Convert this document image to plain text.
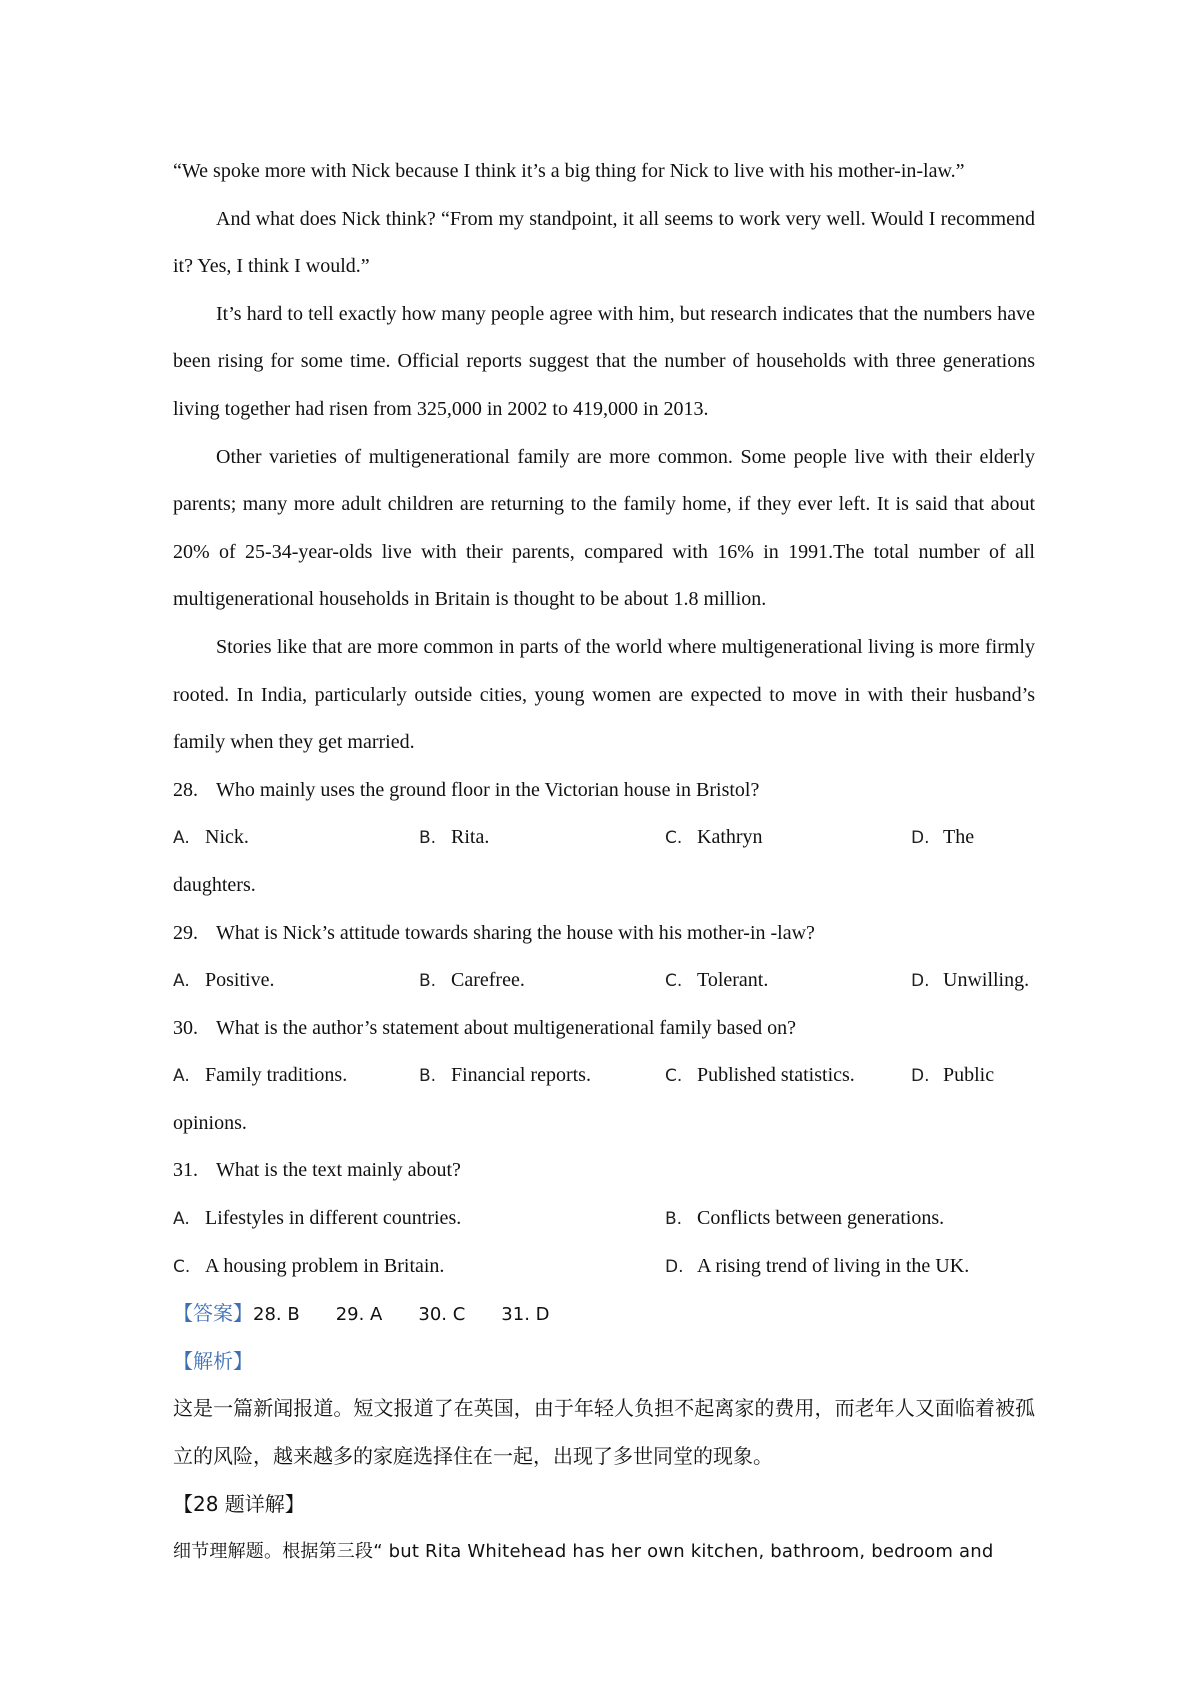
“We spoke more with Nick because I think it’s a big thing for Nick to live with his mother-in-law.”
And what does Nick think? “From my standpoint, it all seems to work very well. Would I recommend it? Yes, I think I would.”
It’s hard to tell exactly how many people agree with him, but research indicates that the numbers have been rising for some time. Official reports suggest that the number of households with three generations living together had risen from 325,000 in 2002 to 419,000 in 2013.
Other varieties of multigenerational family are more common. Some people live with their elderly parents; many more adult children are returning to the family home, if they ever left. It is said that about 20% of 25-34-year-olds live with their parents, compared with 16% in 1991.The total number of all multigenerational households in Britain is thought to be about 1.8 million.
Stories like that are more common in parts of the world where multigenerational living is more firmly rooted. In India, particularly outside cities, young women are expected to move in with their husband’s family when they get married.
28. Who mainly uses the ground floor in the Victorian house in Bristol?
A. Nick.	B. Rita.	C. Kathryn	D. The
daughters.
29. What is Nick’s attitude towards sharing the house with his mother-in -law?
A. Positive.	B. Carefree.	C. Tolerant.	D. Unwilling.
30. What is the author’s statement about multigenerational family based on?
A. Family traditions.	B. Financial reports.	C. Published statistics.	D. Public
opinions.
31. What is the text mainly about?
A. Lifestyles in different countries.	B. Conflicts between generations.
C. A housing problem in Britain.	D. A rising trend of living in the UK.
【答案】28. B 29. A 30. C 31. D
【解析】
这是一篇新闻报道。短文报道了在英国，由于年轻人负担不起离家的费用，而老年人又面临着被孤立的风险，越来越多的家庭选择住在一起，出现了多世同堂的现象。
【28 题详解】
细节理解题。根据第三段“ but Rita Whitehead has her own kitchen, bathroom, bedroom and
